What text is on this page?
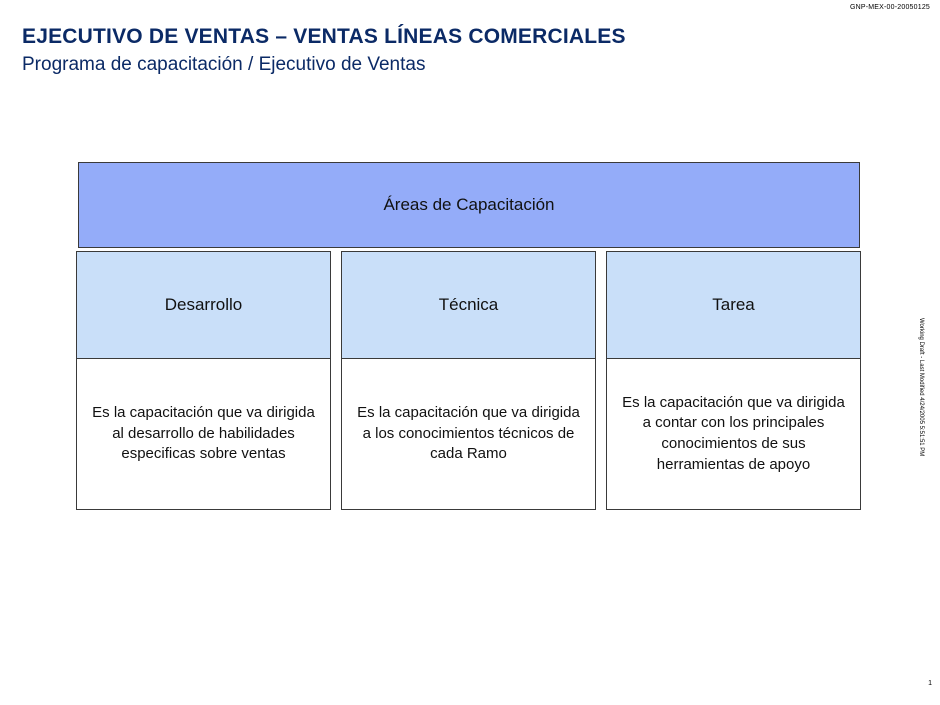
GNP-MEX-00-20050125
EJECUTIVO DE VENTAS – VENTAS LÍNEAS COMERCIALES
Programa de capacitación / Ejecutivo de Ventas
Working Draft - Last Modified 4/24/2005 5:51:51 PM
Áreas de Capacitación
Desarrollo
Es la capacitación que va dirigida al desarrollo de habilidades especificas sobre ventas
Técnica
Es la capacitación que va dirigida a los conocimientos técnicos de cada Ramo
Tarea
Es la capacitación que va dirigida a contar con los principales conocimientos de sus herramientas de apoyo
1
